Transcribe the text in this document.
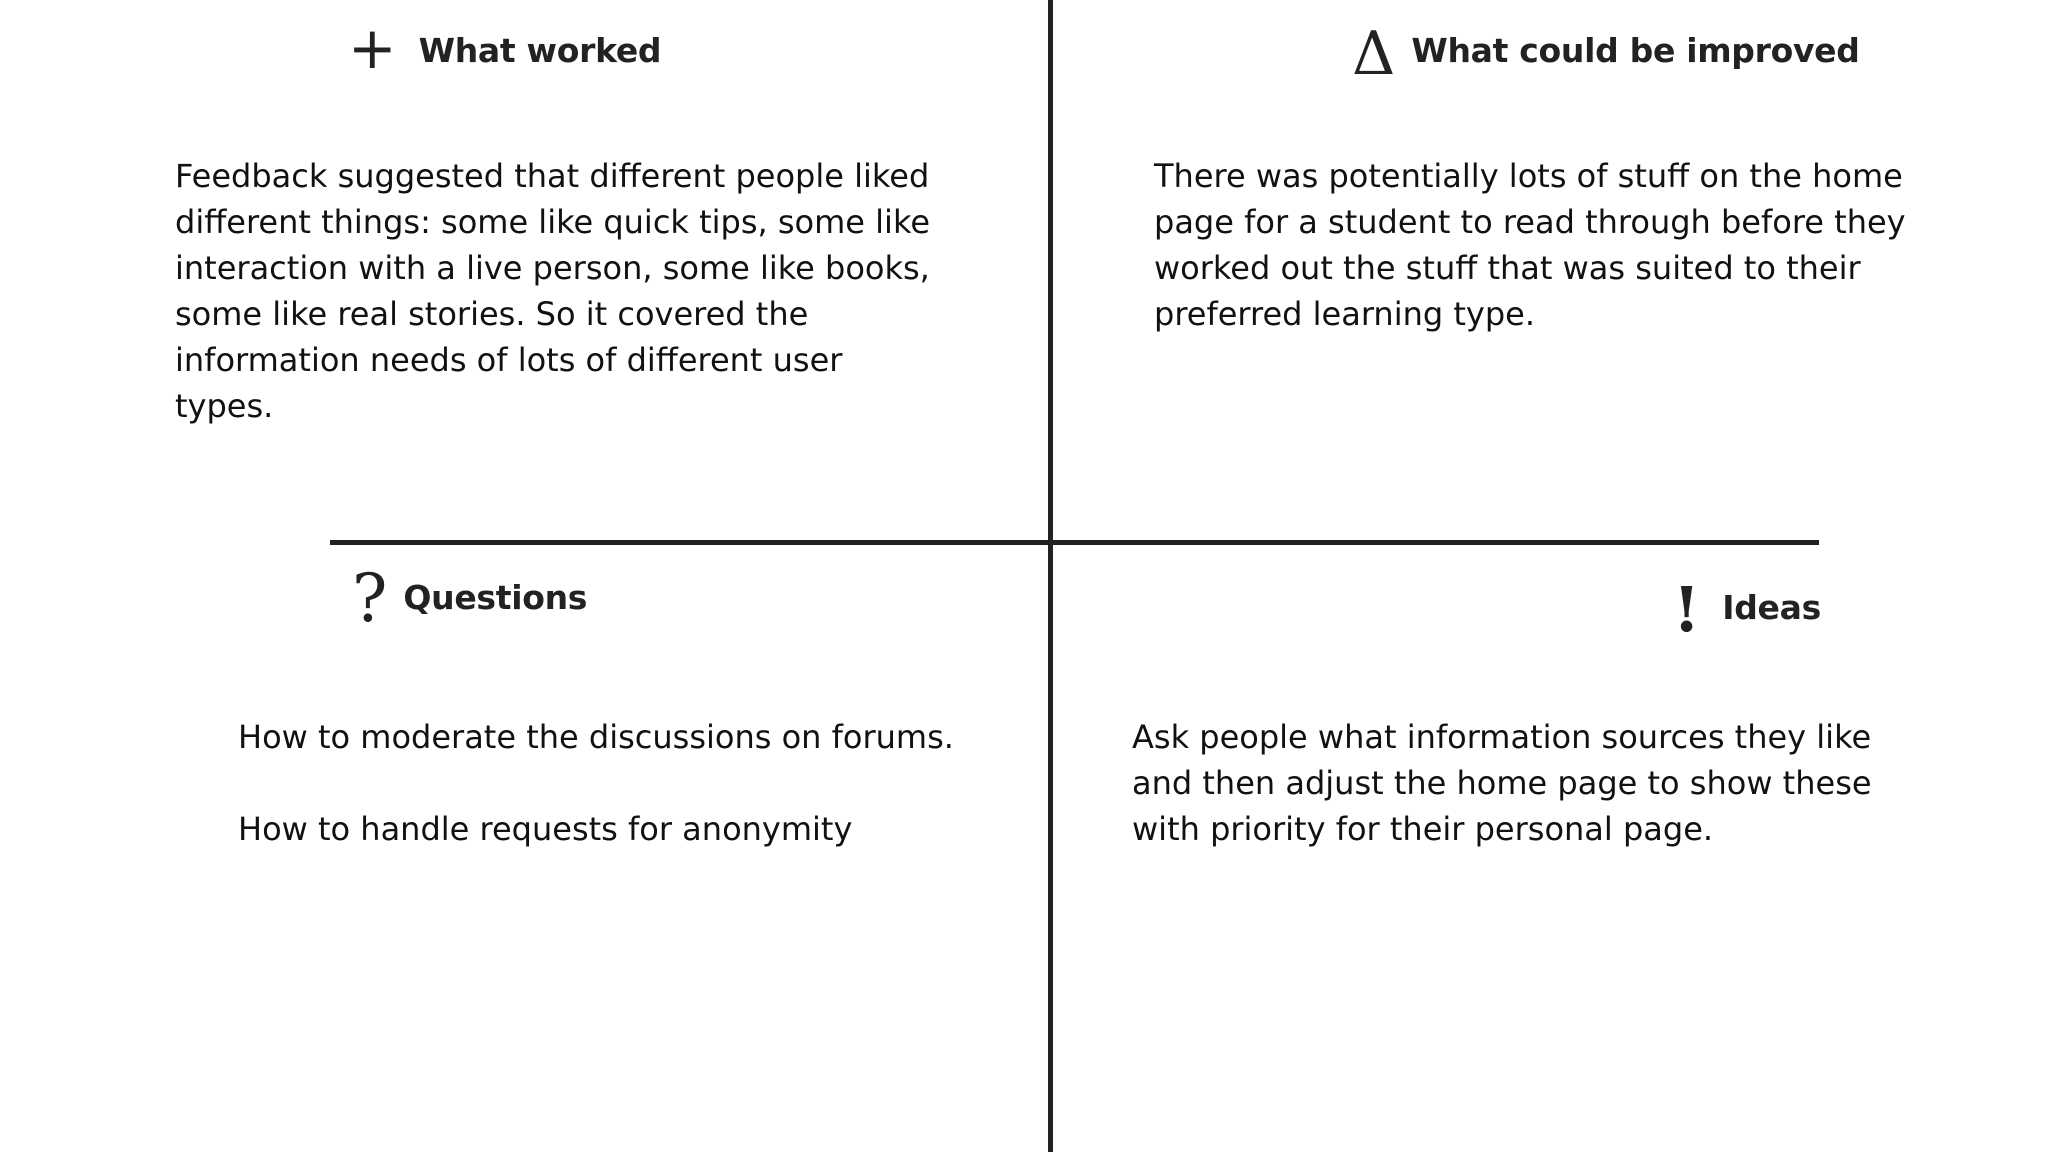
+ What worked

Feedback suggested that different people liked different things: some like quick tips, some like interaction with a live person, some like books, some like real stories. So it covered the information needs of lots of different user types.

Δ What could be improved

There was potentially lots of stuff on the home page for a student to read through before they worked out the stuff that was suited to their preferred learning type.

? Questions
How to moderate the discussions on forums.
How to handle requests for anonymity
! Ideas

Ask people what information sources they like and then adjust the home page to show these with priority for their personal page.
